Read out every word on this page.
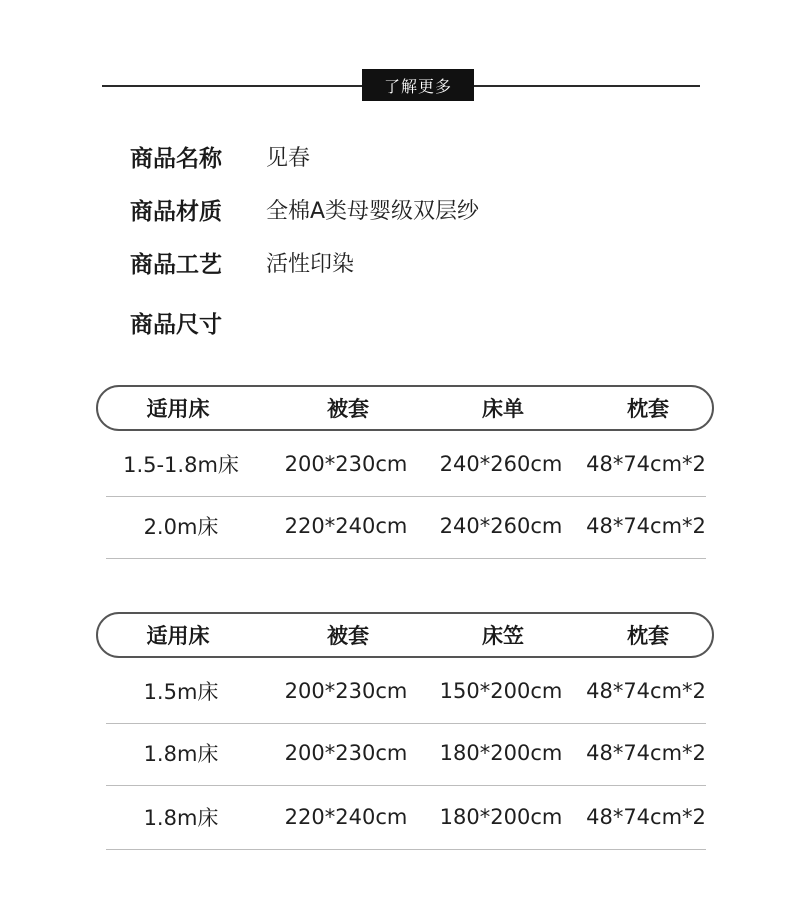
了解更多
商品名称	见春
商品材质	全棉A类母婴级双层纱
商品工艺	活性印染
商品尺寸
适用床	被套	床单	枕套
1.5-1.8m床	200*230cm	240*260cm	48*74cm*2
2.0m床	220*240cm	240*260cm	48*74cm*2
适用床	被套	床笠	枕套
1.5m床	200*230cm	150*200cm	48*74cm*2
1.8m床	200*230cm	180*200cm	48*74cm*2
1.8m床	220*240cm	180*200cm	48*74cm*2
